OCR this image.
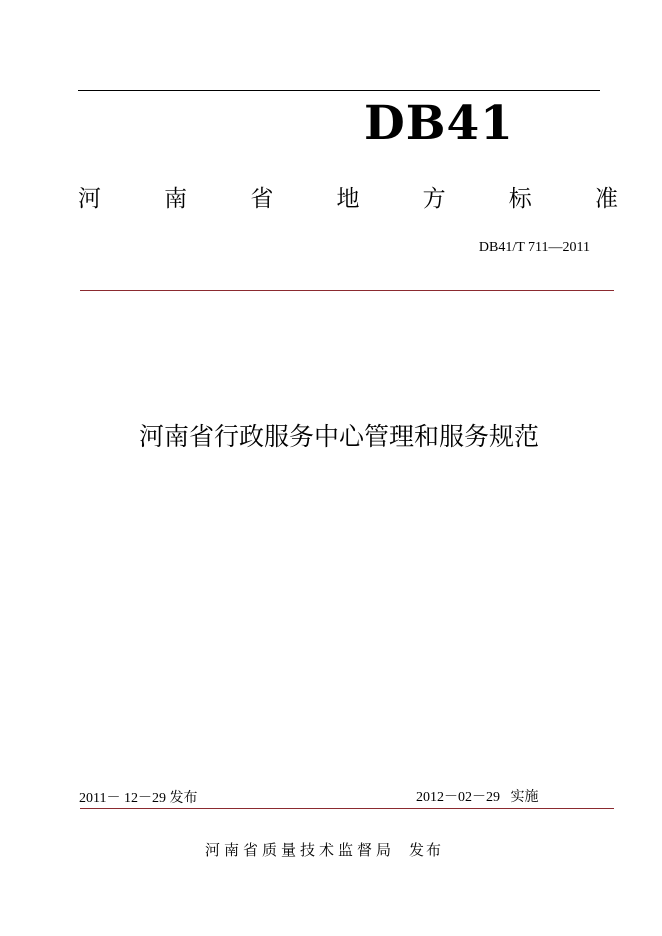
DB41
河	南	省	地	方	标	准
DB41/T 711—2011
河南省行政服务中心管理和服务规范
2011－ 12－29 发布	2012－02－29   实施
河南省质量技术监督局 发布
